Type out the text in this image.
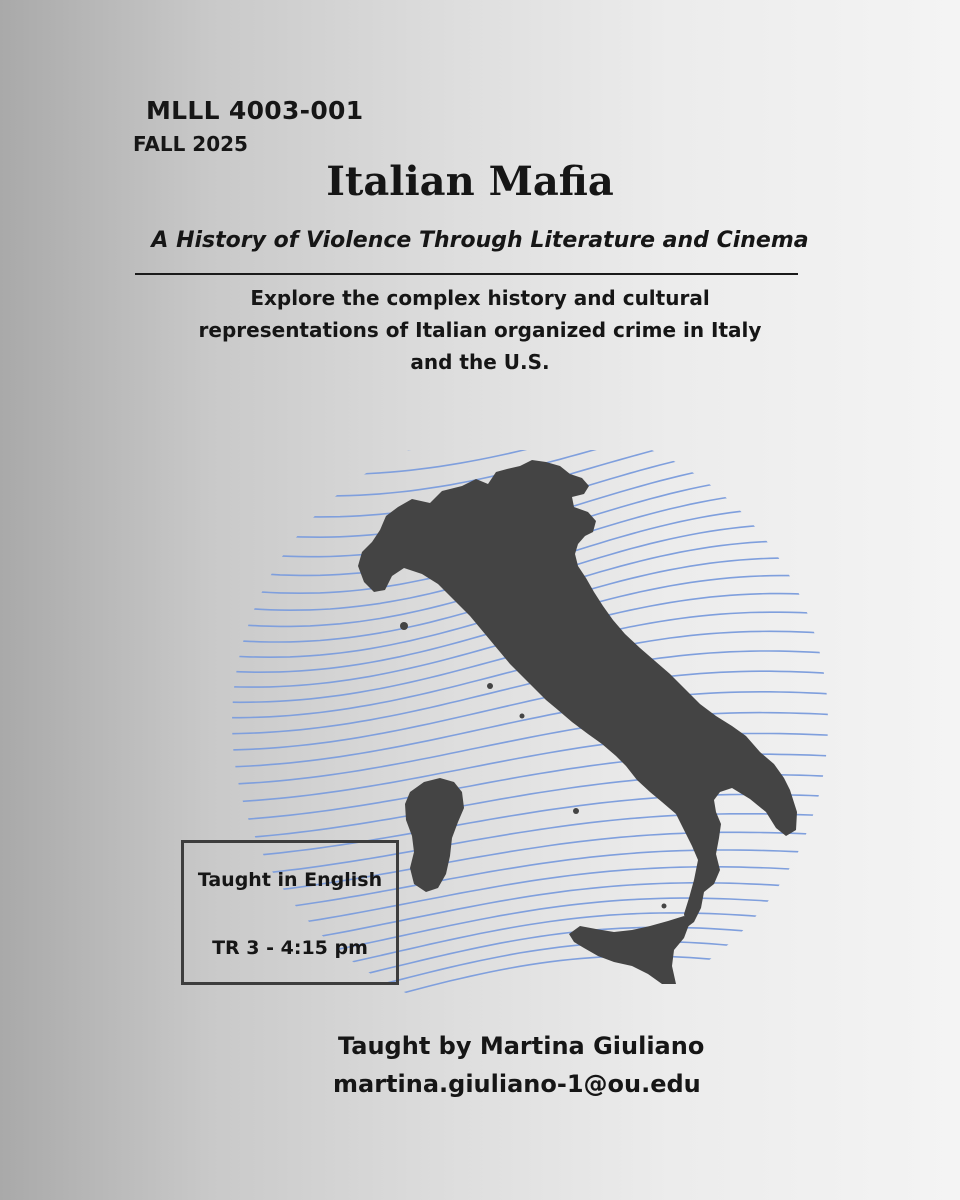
MLLL 4003-001
FALL 2025
Italian Mafia
A History of Violence Through Literature and Cinema
Explore the complex history and cultural representations of Italian organized crime in Italy and the U.S.
Taught in English
TR 3 - 4:15 pm
Taught by Martina Giuliano
martina.giuliano-1@ou.edu
